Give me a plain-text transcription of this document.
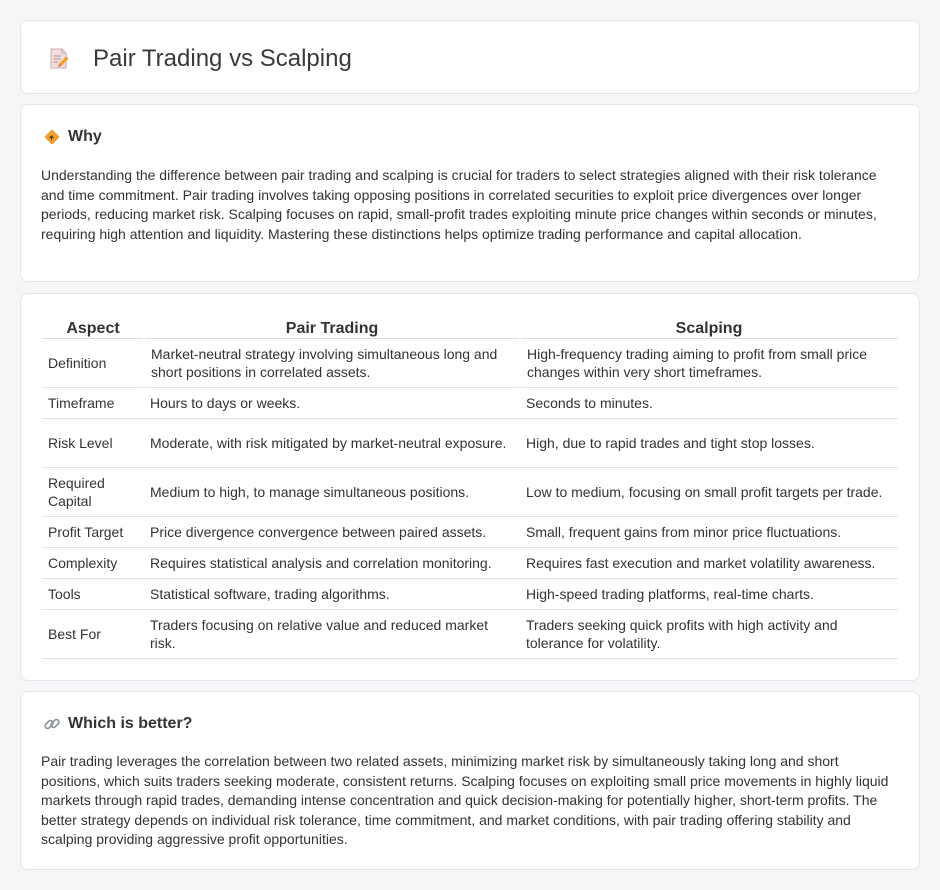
Pair Trading vs Scalping
Why

Understanding the difference between pair trading and scalping is crucial for traders to select strategies aligned with their risk tolerance and time commitment. Pair trading involves taking opposing positions in correlated securities to exploit price divergences over longer periods, reducing market risk. Scalping focuses on rapid, small-profit trades exploiting minute price changes within seconds or minutes, requiring high attention and liquidity. Mastering these distinctions helps optimize trading performance and capital allocation.

Aspect	Pair Trading	Scalping
Definition	Market-neutral strategy involving simultaneous long and short positions in correlated assets.	High-frequency trading aiming to profit from small price changes within very short timeframes.
Timeframe	Hours to days or weeks.	Seconds to minutes.
Risk Level	Moderate, with risk mitigated by market-neutral exposure.	High, due to rapid trades and tight stop losses.
Required Capital	Medium to high, to manage simultaneous positions.	Low to medium, focusing on small profit targets per trade.
Profit Target	Price divergence convergence between paired assets.	Small, frequent gains from minor price fluctuations.
Complexity	Requires statistical analysis and correlation monitoring.	Requires fast execution and market volatility awareness.
Tools	Statistical software, trading algorithms.	High-speed trading platforms, real-time charts.
Best For	Traders focusing on relative value and reduced market risk.	Traders seeking quick profits with high activity and tolerance for volatility.
Which is better?

Pair trading leverages the correlation between two related assets, minimizing market risk by simultaneously taking long and short positions, which suits traders seeking moderate, consistent returns. Scalping focuses on exploiting small price movements in highly liquid markets through rapid trades, demanding intense concentration and quick decision-making for potentially higher, short-term profits. The better strategy depends on individual risk tolerance, time commitment, and market conditions, with pair trading offering stability and scalping providing aggressive profit opportunities.
